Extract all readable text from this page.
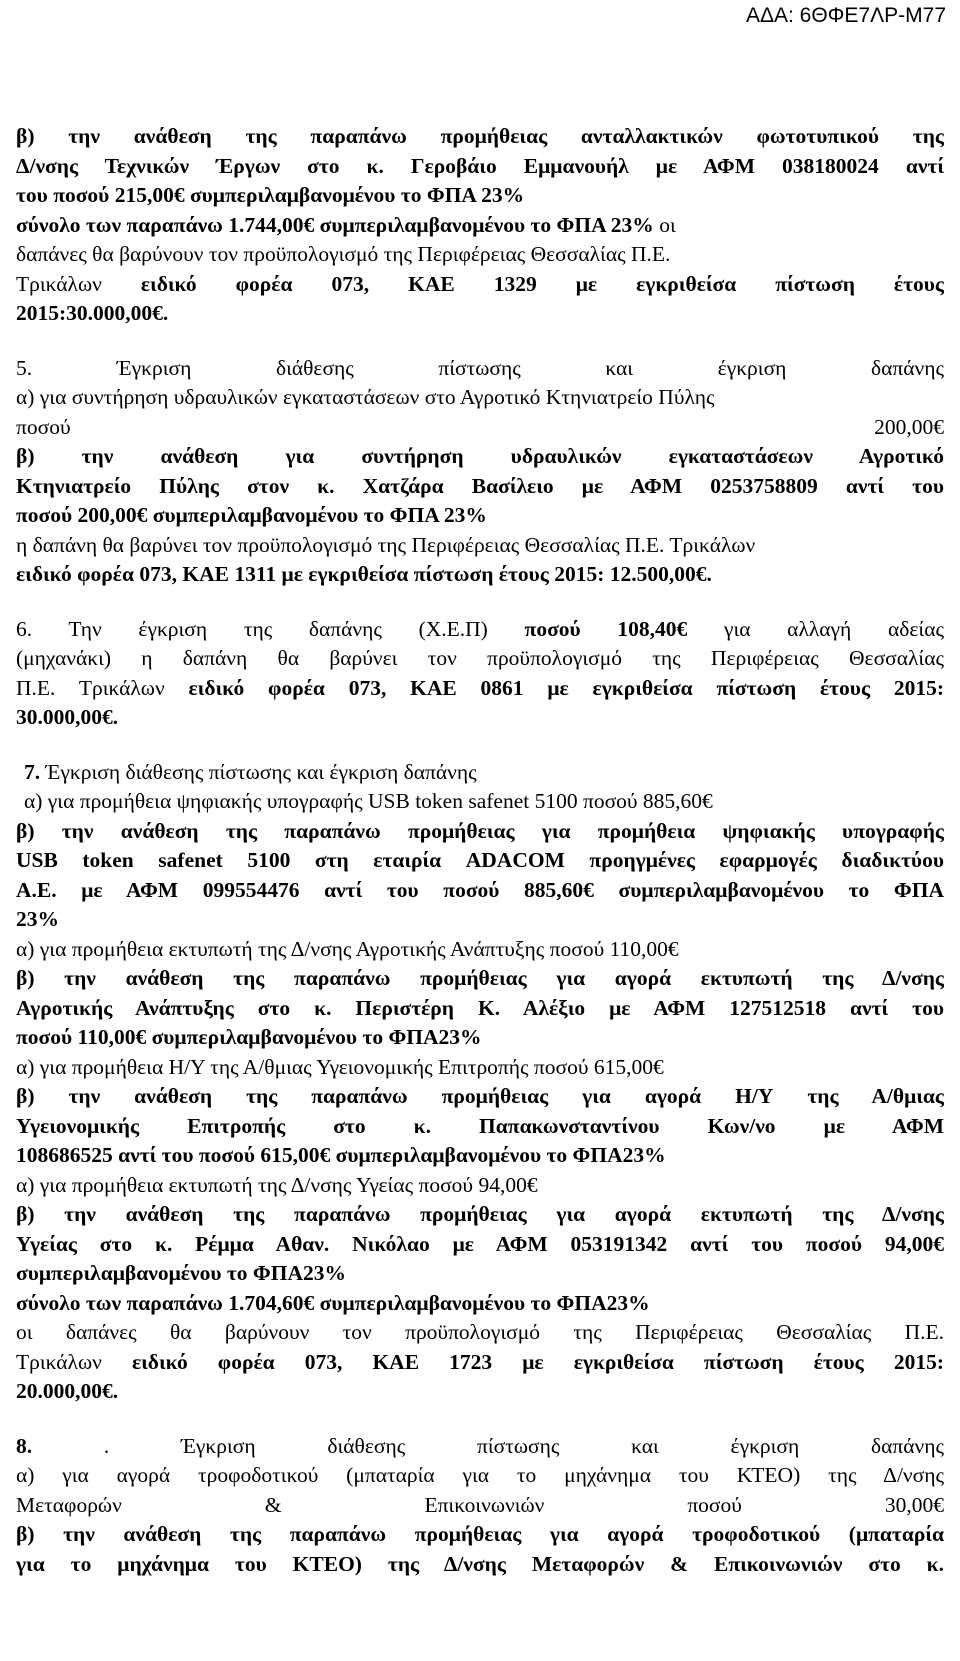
ΑΔΑ: 6ΘΦΕ7ΛΡ-Μ77
β) την ανάθεση της παραπάνω προμήθειας ανταλλακτικών φωτοτυπικού της
Δ/νσης Τεχνικών Έργων στο κ. Γεροβάιο Εμμανουήλ με ΑΦΜ 038180024 αντί
του ποσού 215,00€ συμπεριλαμβανομένου το ΦΠΑ 23%
σύνολο των παραπάνω 1.744,00€ συμπεριλαμβανομένου το ΦΠΑ 23% οι
δαπάνες θα βαρύνουν τον προϋπολογισμό της Περιφέρειας Θεσσαλίας Π.Ε.
Τρικάλων ειδικό φορέα 073, ΚΑΕ 1329 με εγκριθείσα πίστωση έτους
2015:30.000,00€.
5. Έγκριση διάθεσης πίστωσης και έγκριση δαπάνης
α) για συντήρηση υδραυλικών εγκαταστάσεων στο Αγροτικό Κτηνιατρείο Πύλης
ποσού 200,00€
β) την ανάθεση για συντήρηση υδραυλικών εγκαταστάσεων Αγροτικό
Κτηνιατρείο Πύλης στον κ. Χατζάρα Βασίλειο με ΑΦΜ 0253758809 αντί του
ποσού 200,00€ συμπεριλαμβανομένου το ΦΠΑ 23%
η δαπάνη θα βαρύνει τον προϋπολογισμό της Περιφέρειας Θεσσαλίας Π.Ε. Τρικάλων
ειδικό φορέα 073, ΚΑΕ 1311 με εγκριθείσα πίστωση έτους 2015: 12.500,00€.
6. Την έγκριση της δαπάνης (Χ.Ε.Π) ποσού 108,40€ για αλλαγή αδείας
(μηχανάκι) η δαπάνη θα βαρύνει τον προϋπολογισμό της Περιφέρειας Θεσσαλίας
Π.Ε. Τρικάλων ειδικό φορέα 073, ΚΑΕ 0861 με εγκριθείσα πίστωση έτους 2015:
30.000,00€.
7. Έγκριση διάθεσης πίστωσης και έγκριση δαπάνης
α) για προμήθεια ψηφιακής υπογραφής USB token safenet 5100 ποσού 885,60€
β) την ανάθεση της παραπάνω προμήθειας για προμήθεια ψηφιακής υπογραφής
USB token safenet 5100 στη εταιρία ADACOM προηγμένες εφαρμογές διαδικτύου
Α.Ε. με ΑΦΜ 099554476 αντί του ποσού 885,60€ συμπεριλαμβανομένου το ΦΠΑ
23%
α) για προμήθεια εκτυπωτή της Δ/νσης Αγροτικής Ανάπτυξης ποσού 110,00€
β) την ανάθεση της παραπάνω προμήθειας για αγορά εκτυπωτή της Δ/νσης
Αγροτικής Ανάπτυξης στο κ. Περιστέρη Κ. Αλέξιο με ΑΦΜ 127512518 αντί του
ποσού 110,00€ συμπεριλαμβανομένου το ΦΠΑ23%
α) για προμήθεια Η/Υ της Α/θμιας Υγειονομικής Επιτροπής ποσού 615,00€
β) την ανάθεση της παραπάνω προμήθειας για αγορά Η/Υ της Α/θμιας
Υγειονομικής Επιτροπής στο κ. Παπακωνσταντίνου Κων/νο με ΑΦΜ
108686525 αντί του ποσού 615,00€ συμπεριλαμβανομένου το ΦΠΑ23%
α) για προμήθεια εκτυπωτή της Δ/νσης Υγείας ποσού 94,00€
β) την ανάθεση της παραπάνω προμήθειας για αγορά εκτυπωτή της Δ/νσης
Υγείας στο κ. Ρέμμα Αθαν. Νικόλαο με ΑΦΜ 053191342 αντί του ποσού 94,00€
συμπεριλαμβανομένου το ΦΠΑ23%
σύνολο των παραπάνω 1.704,60€ συμπεριλαμβανομένου το ΦΠΑ23%
οι δαπάνες θα βαρύνουν τον προϋπολογισμό της Περιφέρειας Θεσσαλίας Π.Ε.
Τρικάλων ειδικό φορέα 073, ΚΑΕ 1723 με εγκριθείσα πίστωση έτους 2015:
20.000,00€.
8. . Έγκριση διάθεσης πίστωσης και έγκριση δαπάνης
α) για αγορά τροφοδοτικού (μπαταρία για το μηχάνημα του ΚΤΕΟ) της Δ/νσης
Μεταφορών & Επικοινωνιών ποσού 30,00€
β) την ανάθεση της παραπάνω προμήθειας για αγορά τροφοδοτικού (μπαταρία
για το μηχάνημα του ΚΤΕΟ) της Δ/νσης Μεταφορών & Επικοινωνιών στο κ.
